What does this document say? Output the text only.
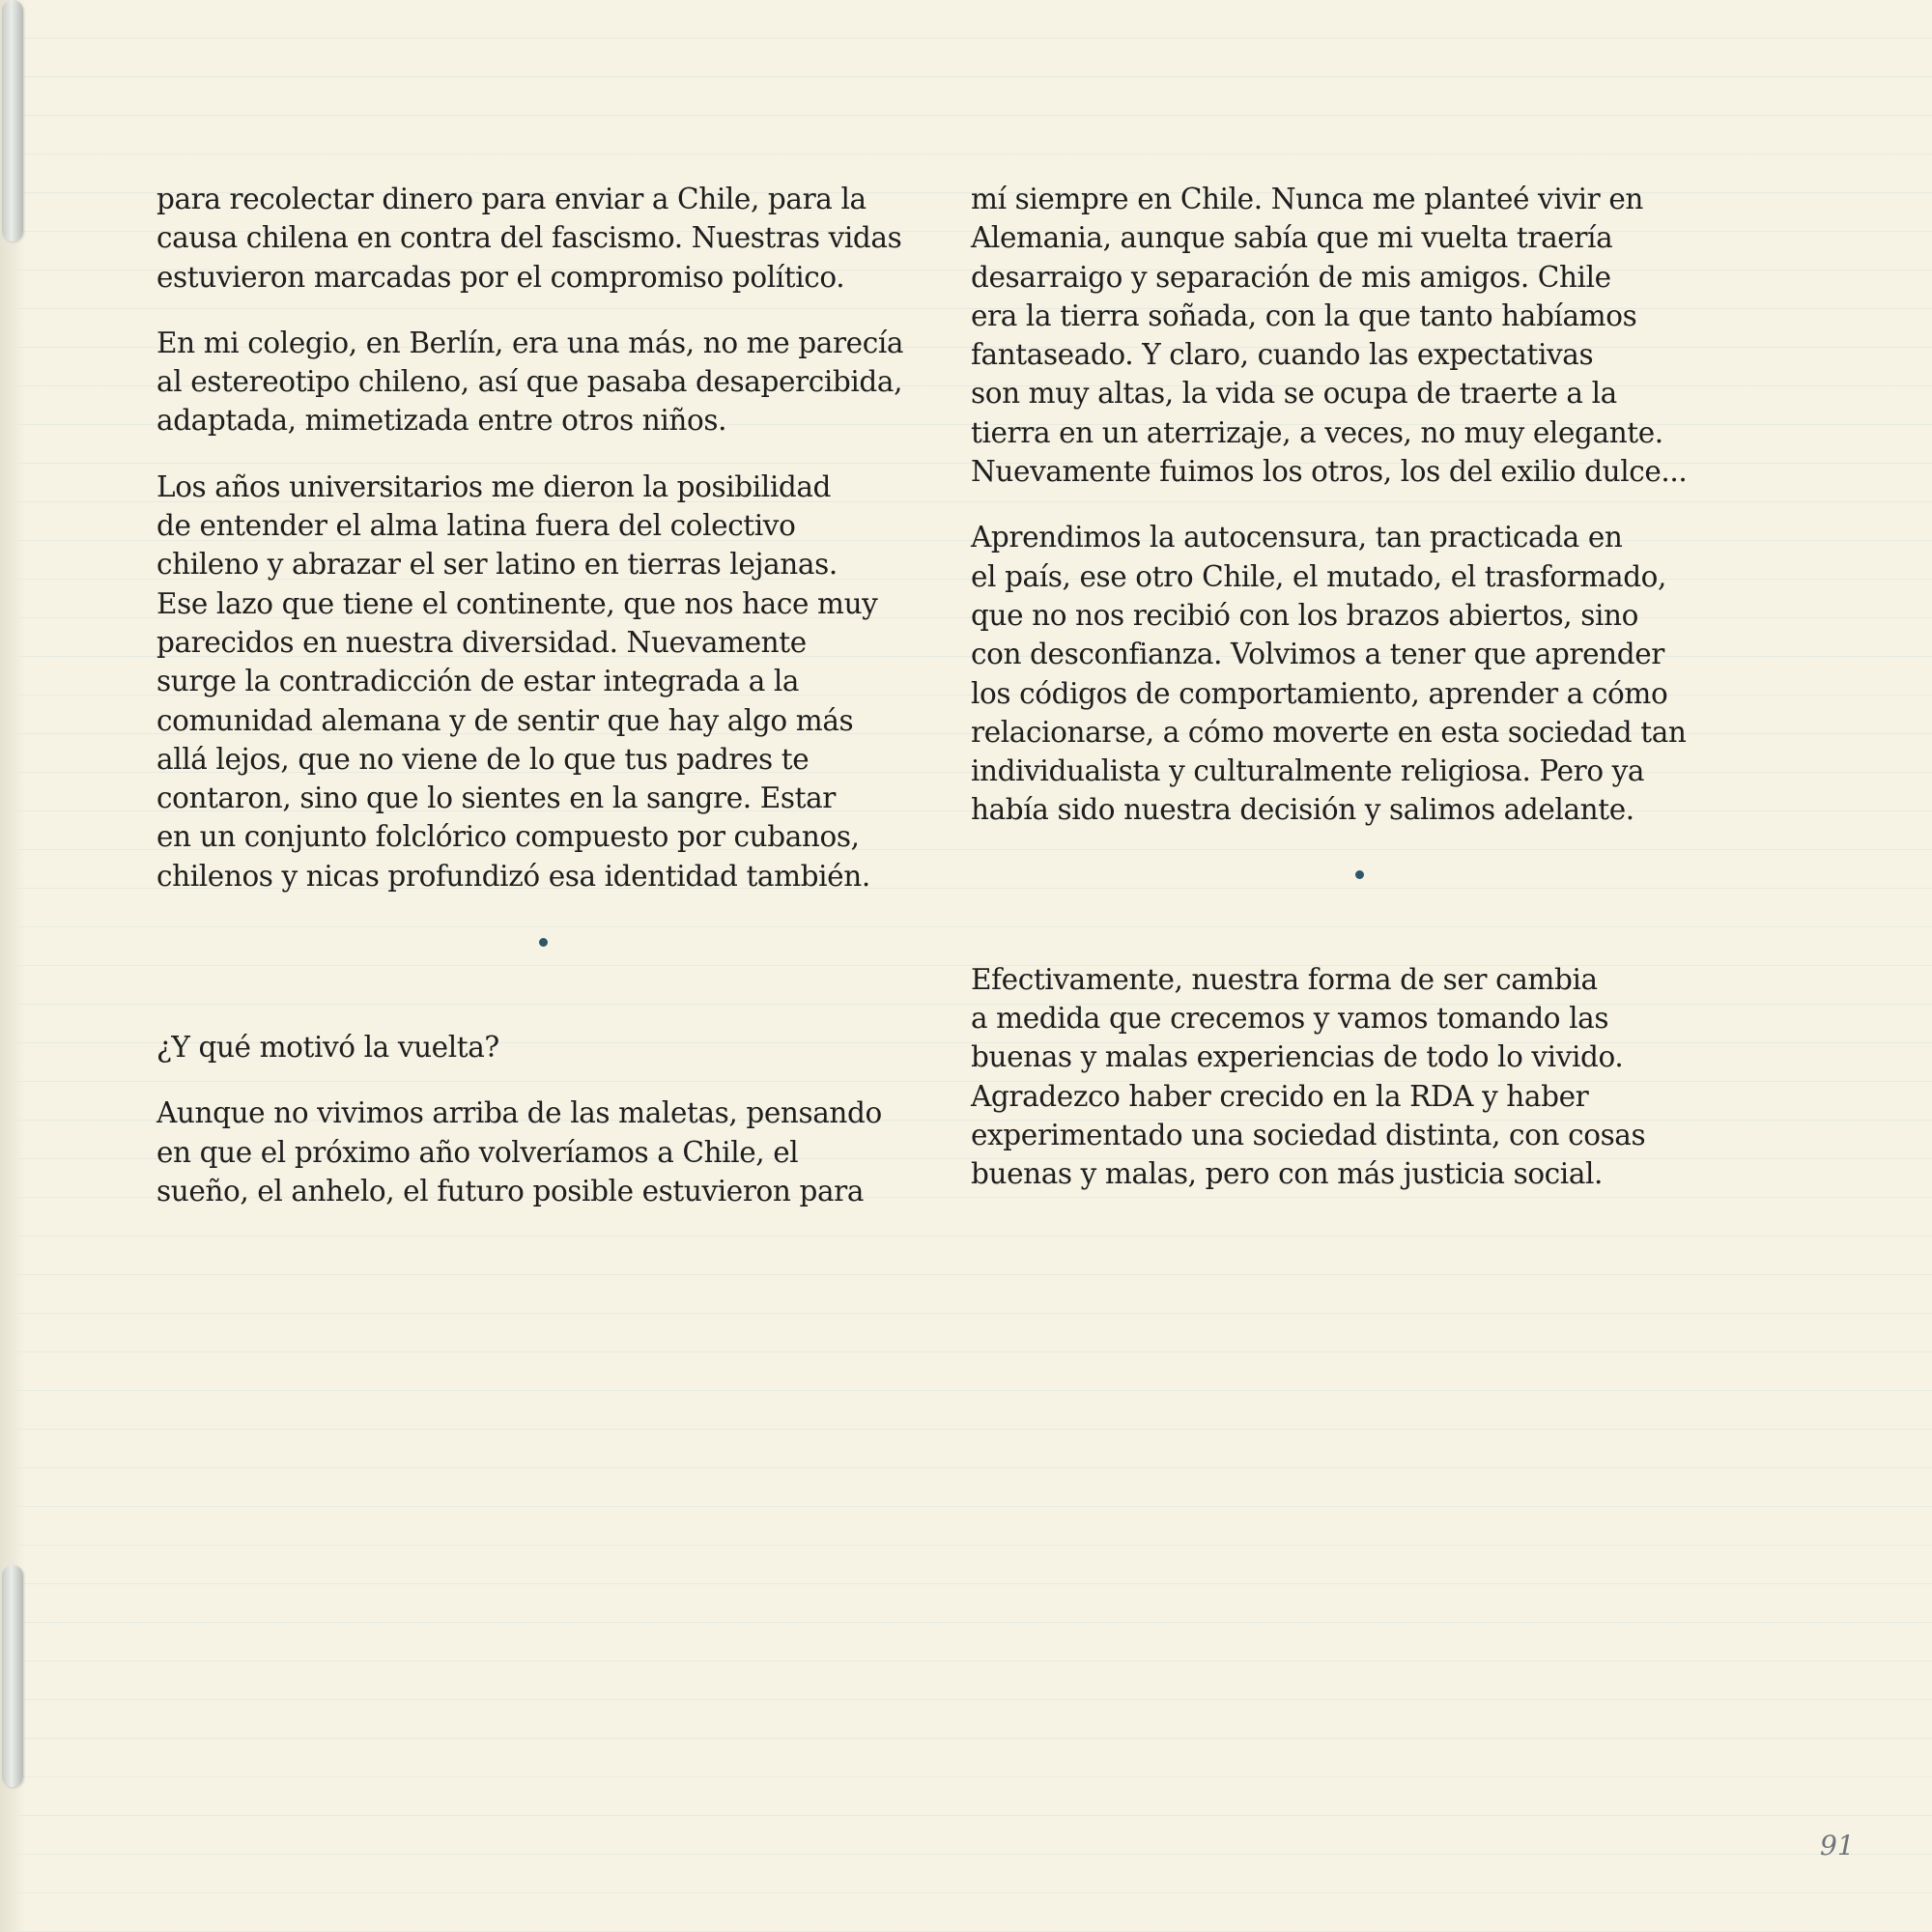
para recolectar dinero para enviar a Chile, para la
causa chilena en contra del fascismo. Nuestras vidas
estuvieron marcadas por el compromiso político.

En mi colegio, en Berlín, era una más, no me parecía
al estereotipo chileno, así que pasaba desapercibida,
adaptada, mimetizada entre otros niños.

Los años universitarios me dieron la posibilidad
de entender el alma latina fuera del colectivo
chileno y abrazar el ser latino en tierras lejanas.
Ese lazo que tiene el continente, que nos hace muy
parecidos en nuestra diversidad. Nuevamente
surge la contradicción de estar integrada a la
comunidad alemana y de sentir que hay algo más
allá lejos, que no viene de lo que tus padres te
contaron, sino que lo sientes en la sangre. Estar
en un conjunto folclórico compuesto por cubanos,
chilenos y nicas profundizó esa identidad también.

¿Y qué motivó la vuelta?

Aunque no vivimos arriba de las maletas, pensando
en que el próximo año volveríamos a Chile, el
sueño, el anhelo, el futuro posible estuvieron para

mí siempre en Chile. Nunca me planteé vivir en
Alemania, aunque sabía que mi vuelta traería
desarraigo y separación de mis amigos. Chile
era la tierra soñada, con la que tanto habíamos
fantaseado. Y claro, cuando las expectativas
son muy altas, la vida se ocupa de traerte a la
tierra en un aterrizaje, a veces, no muy elegante.
Nuevamente fuimos los otros, los del exilio dulce...

Aprendimos la autocensura, tan practicada en
el país, ese otro Chile, el mutado, el trasformado,
que no nos recibió con los brazos abiertos, sino
con desconfianza. Volvimos a tener que aprender
los códigos de comportamiento, aprender a cómo
relacionarse, a cómo moverte en esta sociedad tan
individualista y culturalmente religiosa. Pero ya
había sido nuestra decisión y salimos adelante.

Efectivamente, nuestra forma de ser cambia
a medida que crecemos y vamos tomando las
buenas y malas experiencias de todo lo vivido.
Agradezco haber crecido en la RDA y haber
experimentado una sociedad distinta, con cosas
buenas y malas, pero con más justicia social.

91
